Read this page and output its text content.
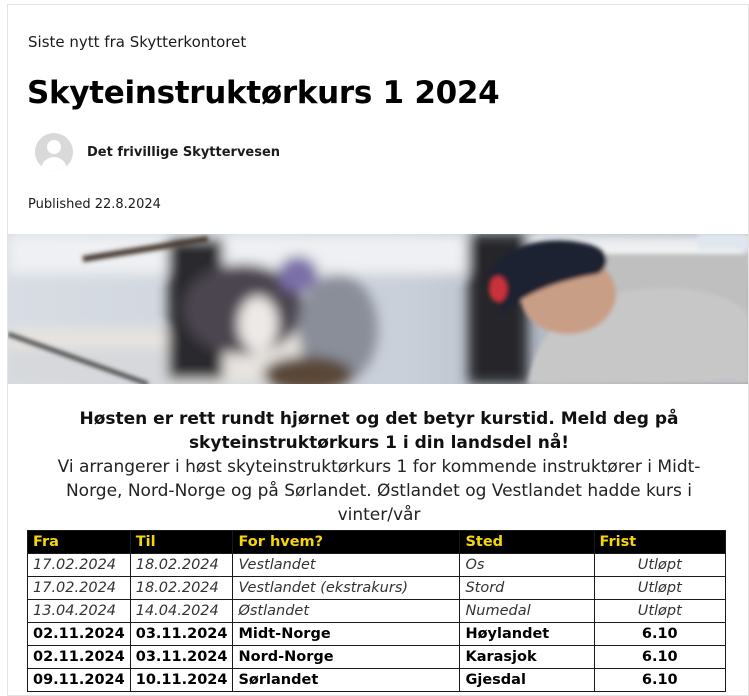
Siste nytt fra Skytterkontoret
Skyteinstruktørkurs 1 2024
Det frivillige Skyttervesen
Published 22.8.2024

Høsten er rett rundt hjørnet og det betyr kurstid. Meld deg på skyteinstruktørkurs 1 i din landsdel nå!

Vi arrangerer i høst skyteinstruktørkurs 1 for kommende instruktører i Midt-Norge, Nord-Norge og på Sørlandet. Østlandet og Vestlandet hadde kurs i vinter/vår

Fra	Til	For hvem?	Sted	Frist
17.02.2024	18.02.2024	Vestlandet	Os	Utløpt
17.02.2024	18.02.2024	Vestlandet (ekstrakurs)	Stord	Utløpt
13.04.2024	14.04.2024	Østlandet	Numedal	Utløpt
02.11.2024	03.11.2024	Midt-Norge	Høylandet	6.10
02.11.2024	03.11.2024	Nord-Norge	Karasjok	6.10
09.11.2024	10.11.2024	Sørlandet	Gjesdal	6.10
